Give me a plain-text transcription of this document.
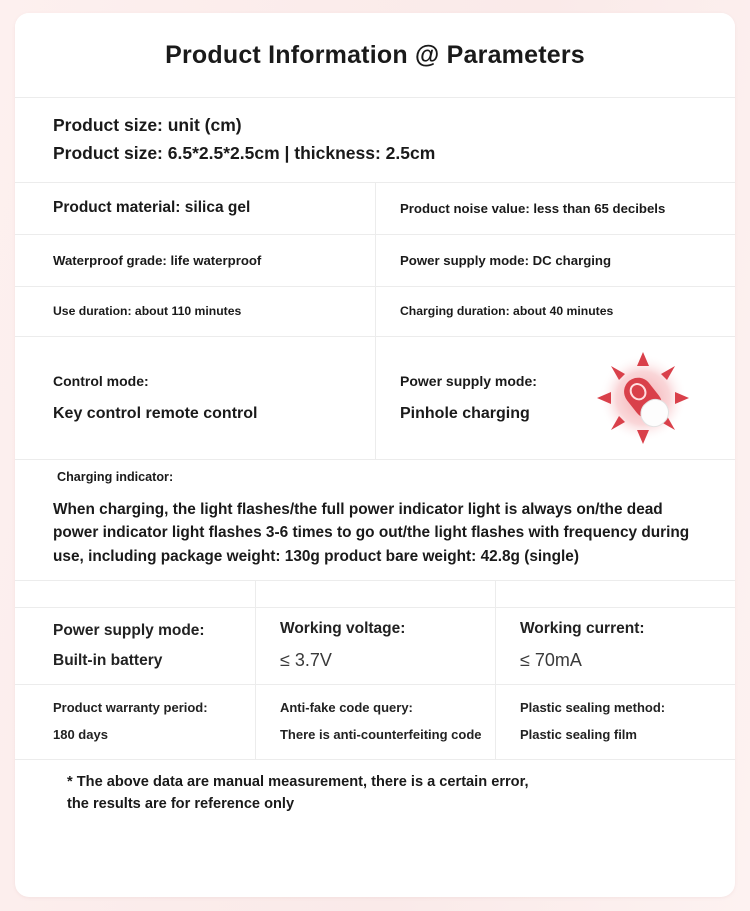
Product Information @ Parameters
Product size: unit (cm)
Product size: 6.5*2.5*2.5cm | thickness: 2.5cm
Product material: silica gel	Product noise value: less than 65 decibels
Waterproof grade: life waterproof	Power supply mode: DC charging
Use duration: about 110 minutes	Charging duration: about 40 minutes
Control mode:
Key control remote control
Power supply mode:
Pinhole charging
Charging indicator:
When charging, the light flashes/the full power indicator light is always on/the dead power indicator light flashes 3-6 times to go out/the light flashes with frequency during use, including package weight: 130g product bare weight: 42.8g (single)
Power supply mode:
Built-in battery
Working voltage:
≤ 3.7V
Working current:
≤ 70mA
Product warranty period:
180 days
Anti-fake code query:
There is anti-counterfeiting code
Plastic sealing method:
Plastic sealing film
* The above data are manual measurement, there is a certain error,
the results are for reference only
